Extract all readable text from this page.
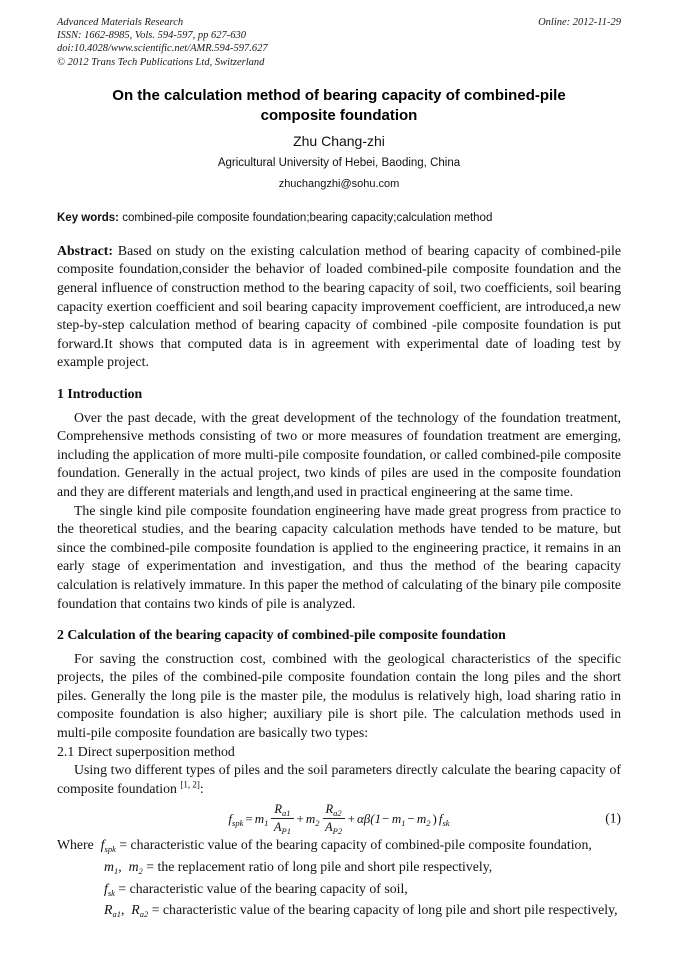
Advanced Materials Research	Online: 2012-11-29
ISSN: 1662-8985, Vols. 594-597, pp 627-630
doi:10.4028/www.scientific.net/AMR.594-597.627
© 2012 Trans Tech Publications Ltd, Switzerland
On the calculation method of bearing capacity of combined-pile composite foundation
Zhu Chang-zhi
Agricultural University of Hebei, Baoding, China
zhuchangzhi@sohu.com

Key words: combined-pile composite foundation;bearing capacity;calculation method

Abstract: Based on study on the existing calculation method of bearing capacity of combined-pile composite foundation,consider the behavior of loaded combined-pile composite foundation and the general influence of construction method to the bearing capacity of soil, two coefficients, soil bearing capacity exertion coefficient and soil bearing capacity improvement coefficient, are introduced,a new step-by-step calculation method of bearing capacity of combined -pile composite foundation is put forward.It shows that computed data is in agreement with experimental date of loading test by example project.

1 Introduction

Over the past decade, with the great development of the technology of the foundation treatment, Comprehensive methods consisting of two or more measures of foundation treatment are emerging, including the application of more multi-pile composite foundation, or called combined-pile composite foundation. Generally in the actual project, two kinds of piles are used in the composite foundation and they are different materials and length,and used in practical engineering at the same time.

The single kind pile composite foundation engineering have made great progress from practice to the theoretical studies, and the bearing capacity calculation methods have tended to be mature, but since the combined-pile composite foundation is applied to the engineering practice, it remains in an early stage of experimentation and investigation, and thus the method of the bearing capacity calculation is relatively immature. In this paper the method of calculating of the binary pile composite foundation that contains two kinds of pile is analyzed.

2 Calculation of the bearing capacity of combined-pile composite foundation

For saving the construction cost, combined with the geological characteristics of the specific projects, the piles of the combined-pile composite foundation contain the long piles and the short piles. Generally the long pile is the master pile, the modulus is relatively high, load sharing ratio in composite foundation is also higher; auxiliary pile is short pile. The calculation methods used in multi-pile composite foundation are basically two types:

2.1 Direct superposition method

Using two different types of piles and the soil parameters directly calculate the bearing capacity of composite foundation [1, 2]:

$f_{spk} = m_1 \frac{R_{a1}}{A_{P1}} + m_2 \frac{R_{a2}}{A_{P2}} + \alpha\beta(1- m_1 - m_2$ ) $f_{sk}$	(1)

Where $f_{spk}$ = characteristic value of the bearing capacity of combined-pile composite foundation,

$m_1$, $m_2$ = the replacement ratio of long pile and short pile respectively,

$f_{sk}$ = characteristic value of the bearing capacity of soil,

$R_{a1}$, $R_{a2}$ = characteristic value of the bearing capacity of long pile and short pile respectively,
